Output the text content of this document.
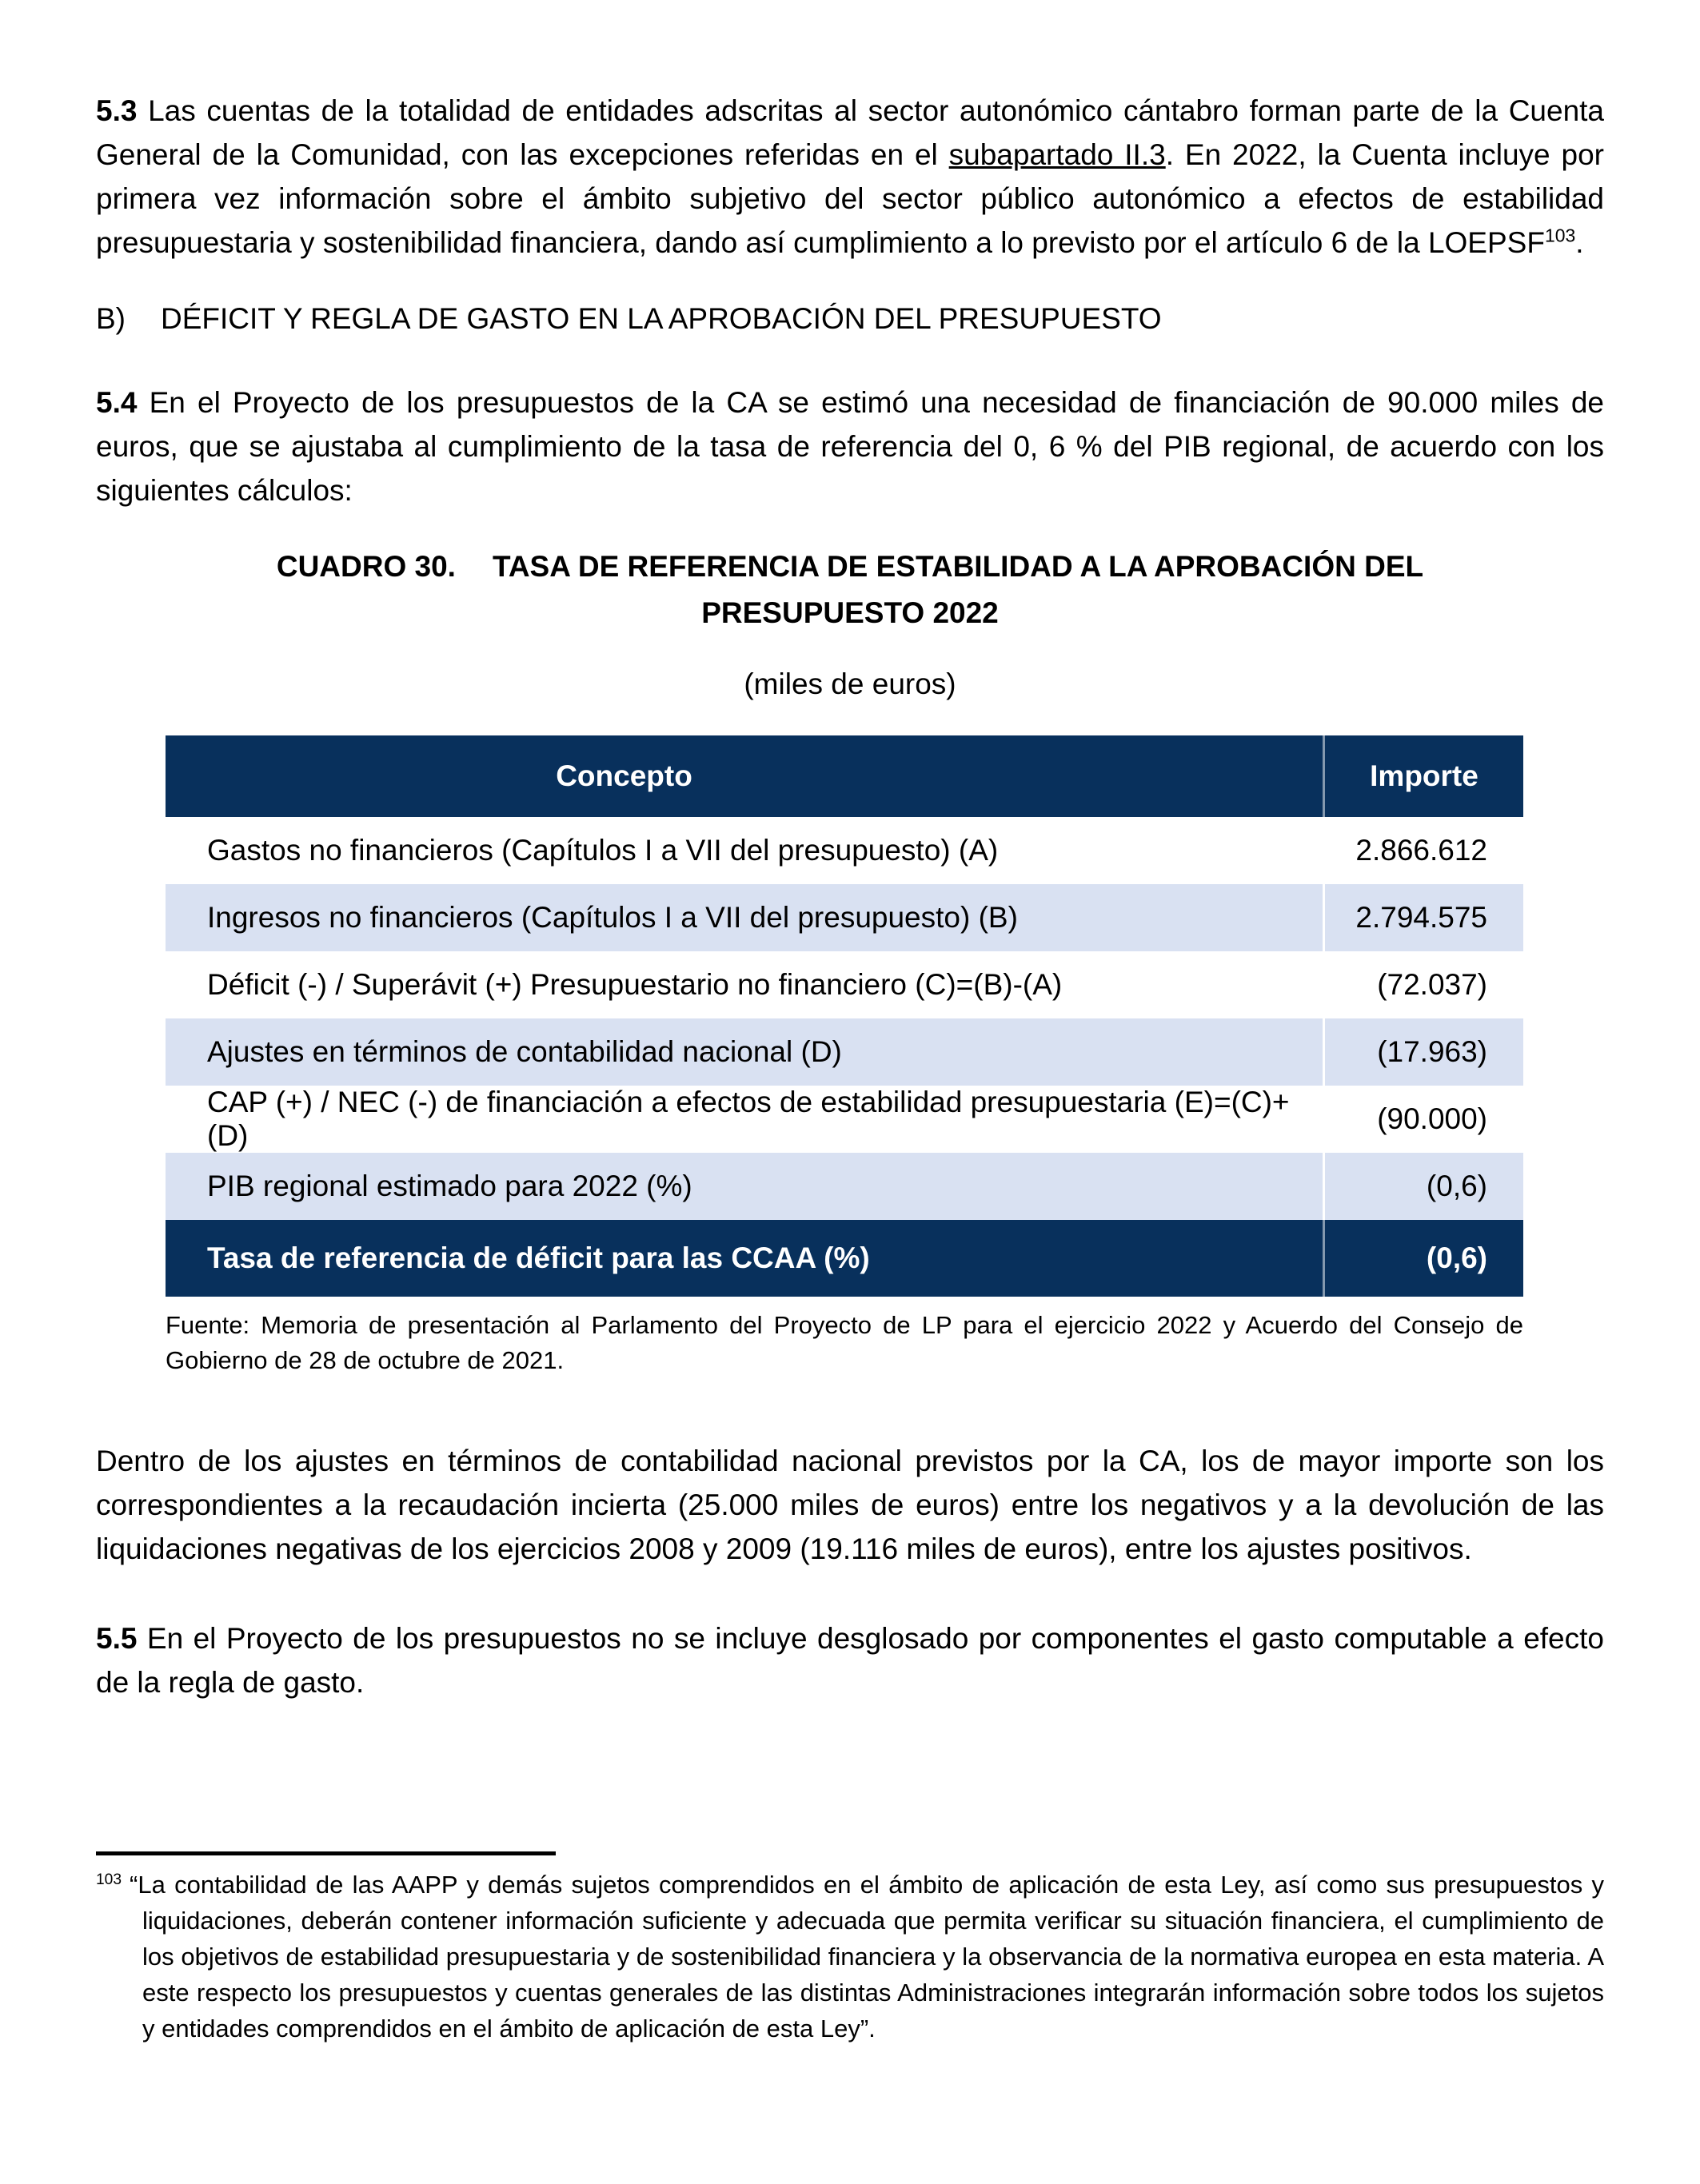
5.3 Las cuentas de la totalidad de entidades adscritas al sector autonómico cántabro forman parte de la Cuenta General de la Comunidad, con las excepciones referidas en el subapartado II.3. En 2022, la Cuenta incluye por primera vez información sobre el ámbito subjetivo del sector público autonómico a efectos de estabilidad presupuestaria y sostenibilidad financiera, dando así cumplimiento a lo previsto por el artículo 6 de la LOEPSF$^{103}$.

B) DÉFICIT Y REGLA DE GASTO EN LA APROBACIÓN DEL PRESUPUESTO

5.4 En el Proyecto de los presupuestos de la CA se estimó una necesidad de financiación de 90.000 miles de euros, que se ajustaba al cumplimiento de la tasa de referencia del 0, 6 % del PIB regional, de acuerdo con los siguientes cálculos:

CUADRO 30. TASA DE REFERENCIA DE ESTABILIDAD A LA APROBACIÓN DEL
PRESUPUESTO 2022
(miles de euros)
Concepto	Importe
Gastos no financieros (Capítulos I a VII del presupuesto) (A)	2.866.612
Ingresos no financieros (Capítulos I a VII del presupuesto) (B)	2.794.575
Déficit (-) / Superávit (+) Presupuestario no financiero (C)=(B)-(A)	(72.037)
Ajustes en términos de contabilidad nacional (D)	(17.963)
CAP (+) / NEC (-) de financiación a efectos de estabilidad presupuestaria (E)=(C)+(D)	(90.000)
PIB regional estimado para 2022 (%)	(0,6)
Tasa de referencia de déficit para las CCAA (%)	(0,6)

Fuente: Memoria de presentación al Parlamento del Proyecto de LP para el ejercicio 2022 y Acuerdo del Consejo de Gobierno de 28 de octubre de 2021.

Dentro de los ajustes en términos de contabilidad nacional previstos por la CA, los de mayor importe son los correspondientes a la recaudación incierta (25.000 miles de euros) entre los negativos y a la devolución de las liquidaciones negativas de los ejercicios 2008 y 2009 (19.116 miles de euros), entre los ajustes positivos.

5.5 En el Proyecto de los presupuestos no se incluye desglosado por componentes el gasto computable a efecto de la regla de gasto.

$^{103}$ “La contabilidad de las AAPP y demás sujetos comprendidos en el ámbito de aplicación de esta Ley, así como sus presupuestos y liquidaciones, deberán contener información suficiente y adecuada que permita verificar su situación financiera, el cumplimiento de los objetivos de estabilidad presupuestaria y de sostenibilidad financiera y la observancia de la normativa europea en esta materia. A este respecto los presupuestos y cuentas generales de las distintas Administraciones integrarán información sobre todos los sujetos y entidades comprendidos en el ámbito de aplicación de esta Ley”.
